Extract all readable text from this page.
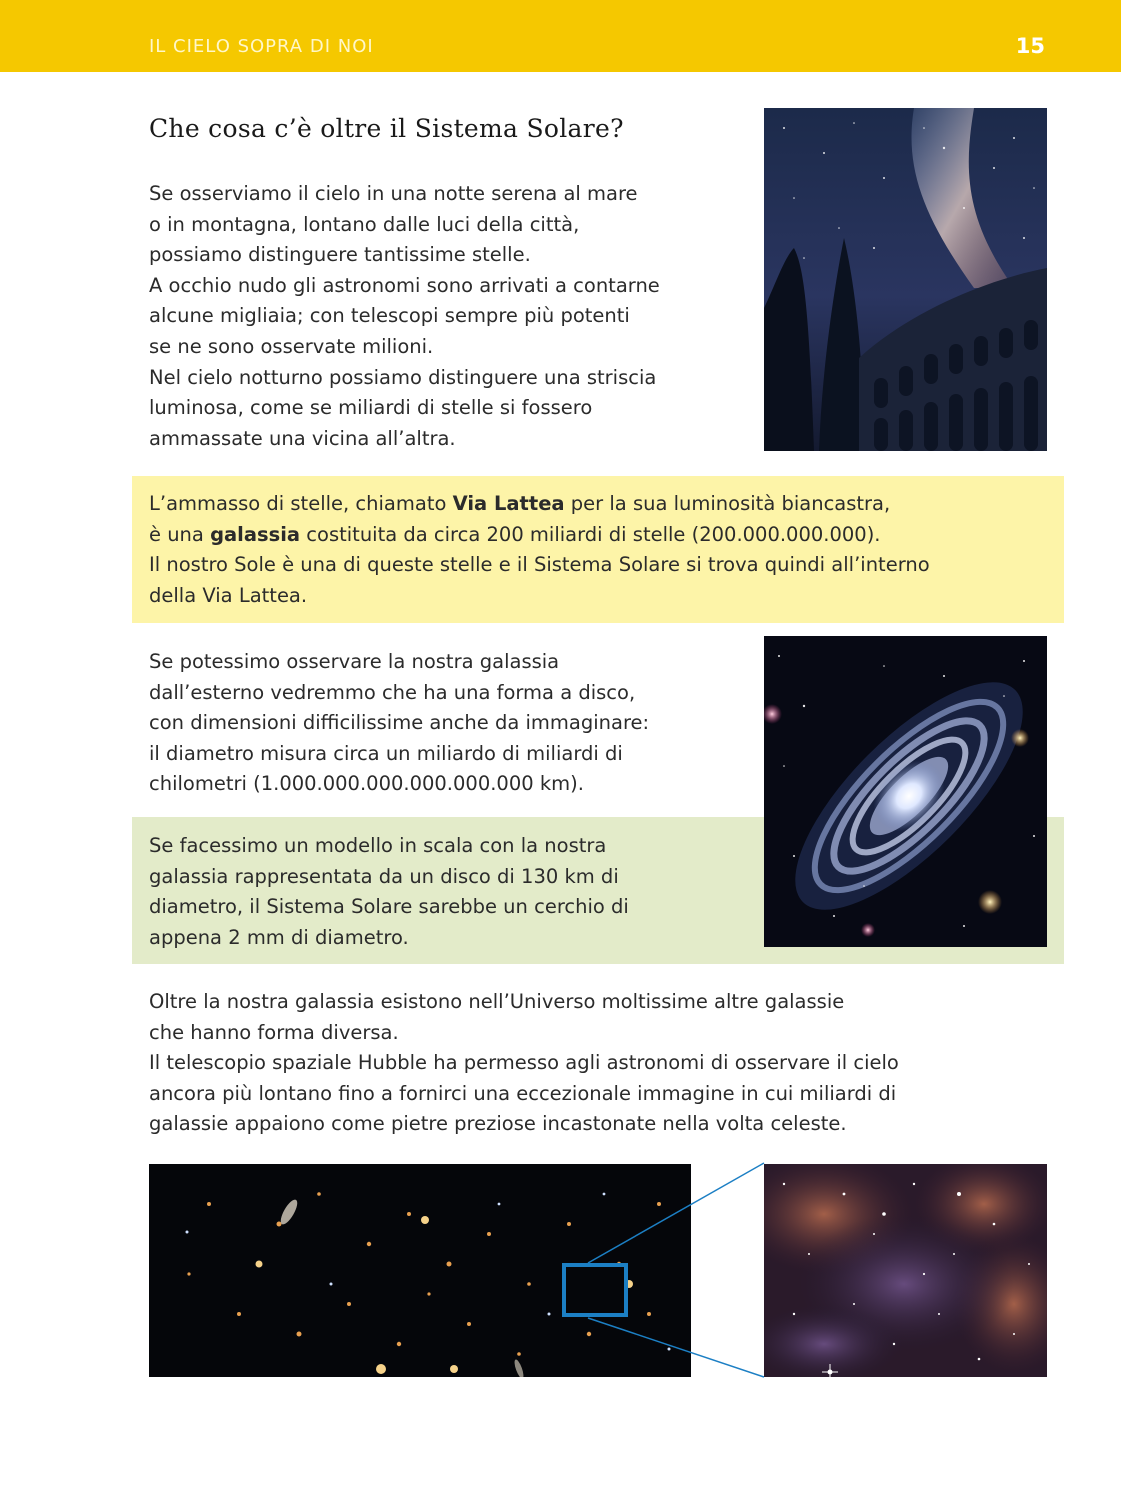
IL CIELO SOPRA DI NOI	15
Che cosa c’è oltre il Sistema Solare?

Se osserviamo il cielo in una notte serena al mare
o in montagna, lontano dalle luci della città,
possiamo distinguere tantissime stelle.
A occhio nudo gli astronomi sono arrivati a contarne
alcune migliaia; con telescopi sempre più potenti
se ne sono osservate milioni.
Nel cielo notturno possiamo distinguere una striscia
luminosa, come se miliardi di stelle si fossero
ammassate una vicina all’altra.

L’ammasso di stelle, chiamato Via Lattea per la sua luminosità biancastra,
è una galassia costituita da circa 200 miliardi di stelle (200.000.000.000).
Il nostro Sole è una di queste stelle e il Sistema Solare si trova quindi all’interno
della Via Lattea.

Se potessimo osservare la nostra galassia
dall’esterno vedremmo che ha una forma a disco,
con dimensioni difficilissime anche da immaginare:
il diametro misura circa un miliardo di miliardi di
chilometri (1.000.000.000.000.000.000 km).

Se facessimo un modello in scala con la nostra
galassia rappresentata da un disco di 130 km di
diametro, il Sistema Solare sarebbe un cerchio di
appena 2 mm di diametro.

Oltre la nostra galassia esistono nell’Universo moltissime altre galassie
che hanno forma diversa.
Il telescopio spaziale Hubble ha permesso agli astronomi di osservare il cielo
ancora più lontano fino a fornirci una eccezionale immagine in cui miliardi di
galassie appaiono come pietre preziose incastonate nella volta celeste.
